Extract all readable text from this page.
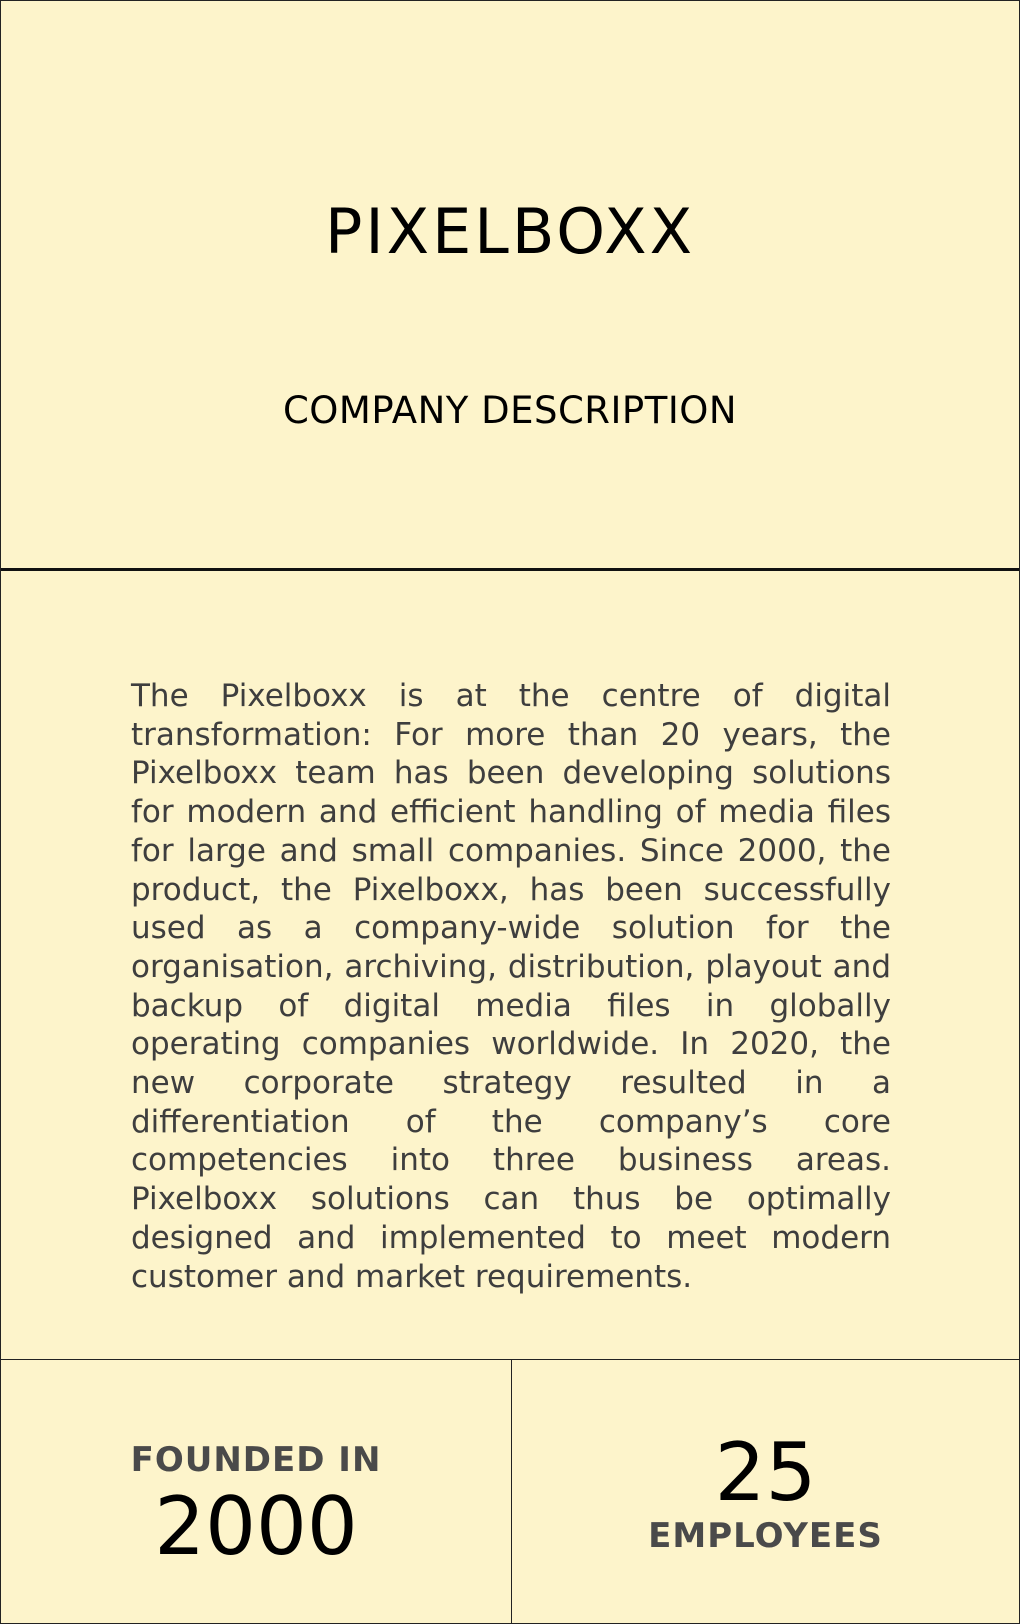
PIXELBOXX
COMPANY DESCRIPTION

The Pixelboxx is at the centre of digital transformation: For more than 20 years, the Pixelboxx team has been developing solutions for modern and efficient handling of media files for large and small companies. Since 2000, the product, the Pixelboxx, has been successfully used as a company-wide solution for the organisation, archiving, distribution, playout and backup of digital media files in globally operating companies worldwide. In 2020, the new corporate strategy resulted in a differentiation of the company’s core competencies into three business areas. Pixelboxx solutions can thus be optimally designed and implemented to meet modern customer and market requirements.

FOUNDED IN
2000
25
EMPLOYEES
